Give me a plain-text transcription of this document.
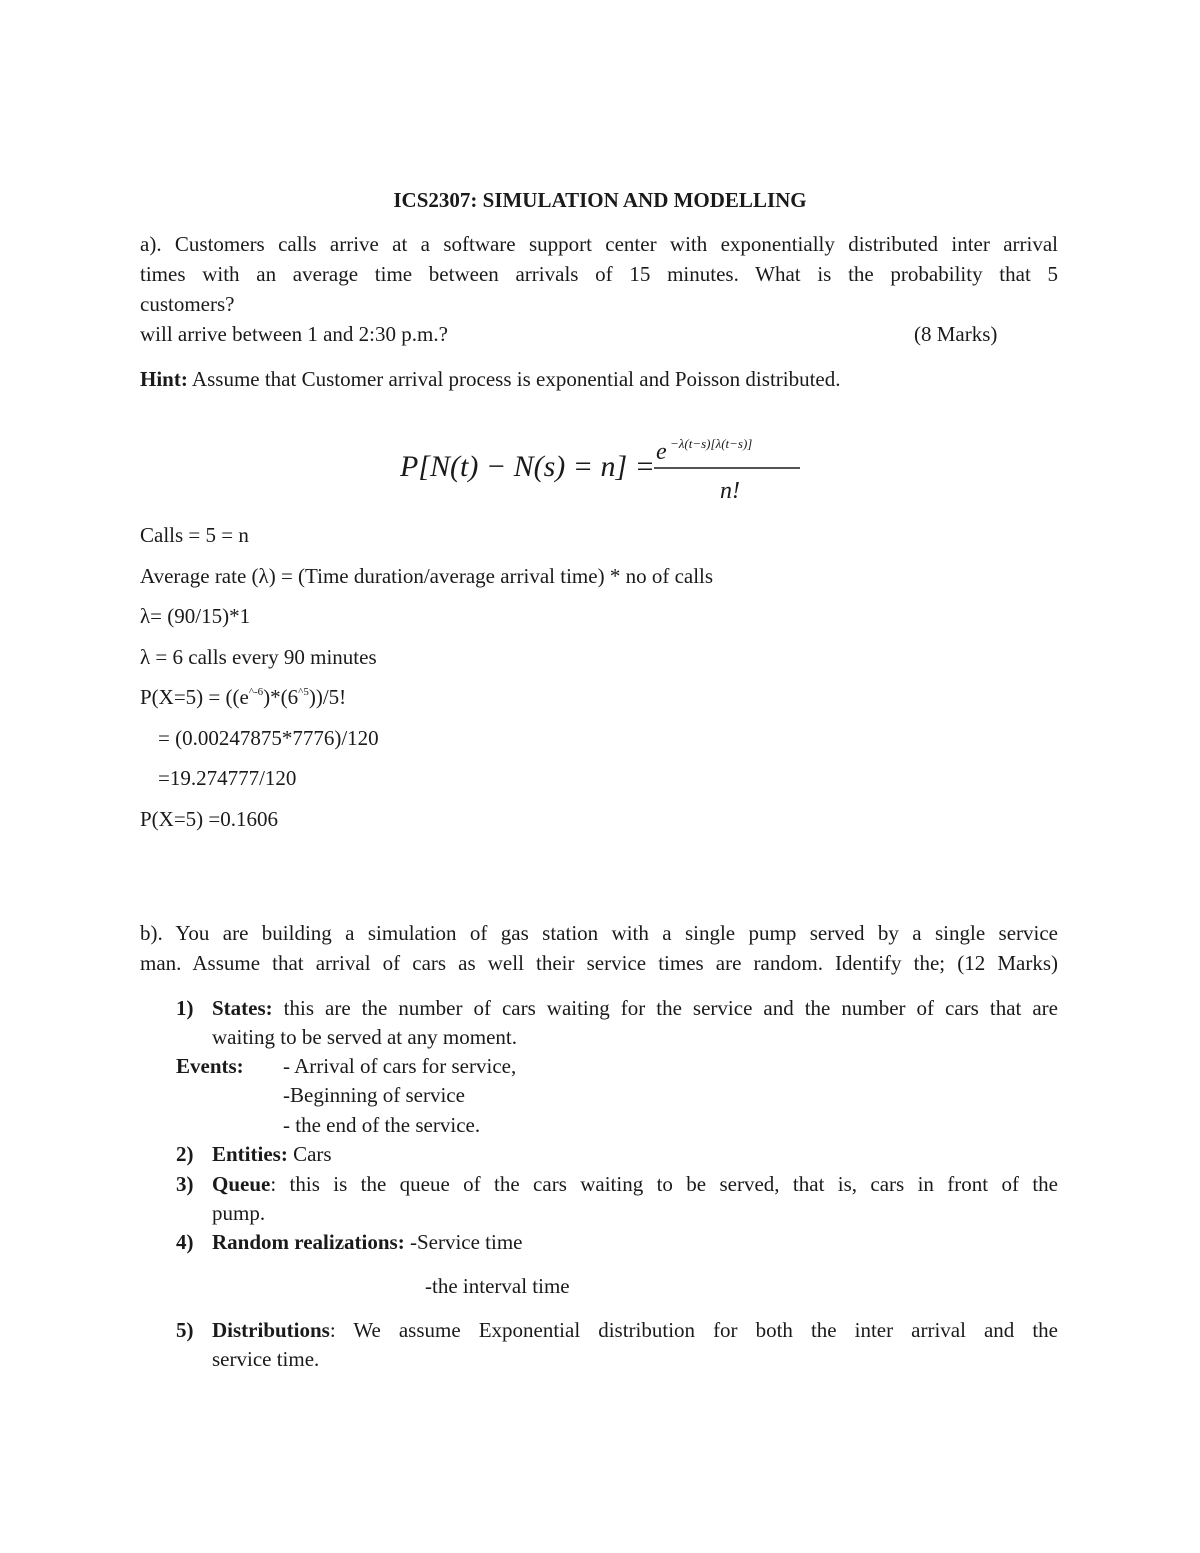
ICS2307: SIMULATION AND MODELLING
a). Customers calls arrive at a software support center with exponentially distributed inter arrival
times with an average time between arrivals of 15 minutes. What is the probability that 5
customers?
will arrive between 1 and 2:30 p.m.?	(8 Marks)
Hint: Assume that Customer arrival process is exponential and Poisson distributed.
P[N(t) − N(s) = n] = e −λ(t−s)[λ(t−s)]
n!
Calls = 5 = n
Average rate (λ) = (Time duration/average arrival time) * no of calls
λ= (90/15)*1
λ = 6 calls every 90 minutes
$P(X=5) = ((e^{\^{}-6})*(6^{\^{}5}))/5$!
= (0.00247875*7776)/120
=19.274777/120
P(X=5) =0.1606
b). You are building a simulation of gas station with a single pump served by a single service
man. Assume that arrival of cars as well their service times are random. Identify the; (12 Marks)
1) States: this are the number of cars waiting for the service and the number of cars that are
waiting to be served at any moment.
Events: - Arrival of cars for service,
-Beginning of service
- the end of the service.
2) Entities: Cars
3) Queue: this is the queue of the cars waiting to be served, that is, cars in front of the
pump.
4) Random realizations: -Service time
-the interval time
5) Distributions: We assume Exponential distribution for both the inter arrival and the
service time.
